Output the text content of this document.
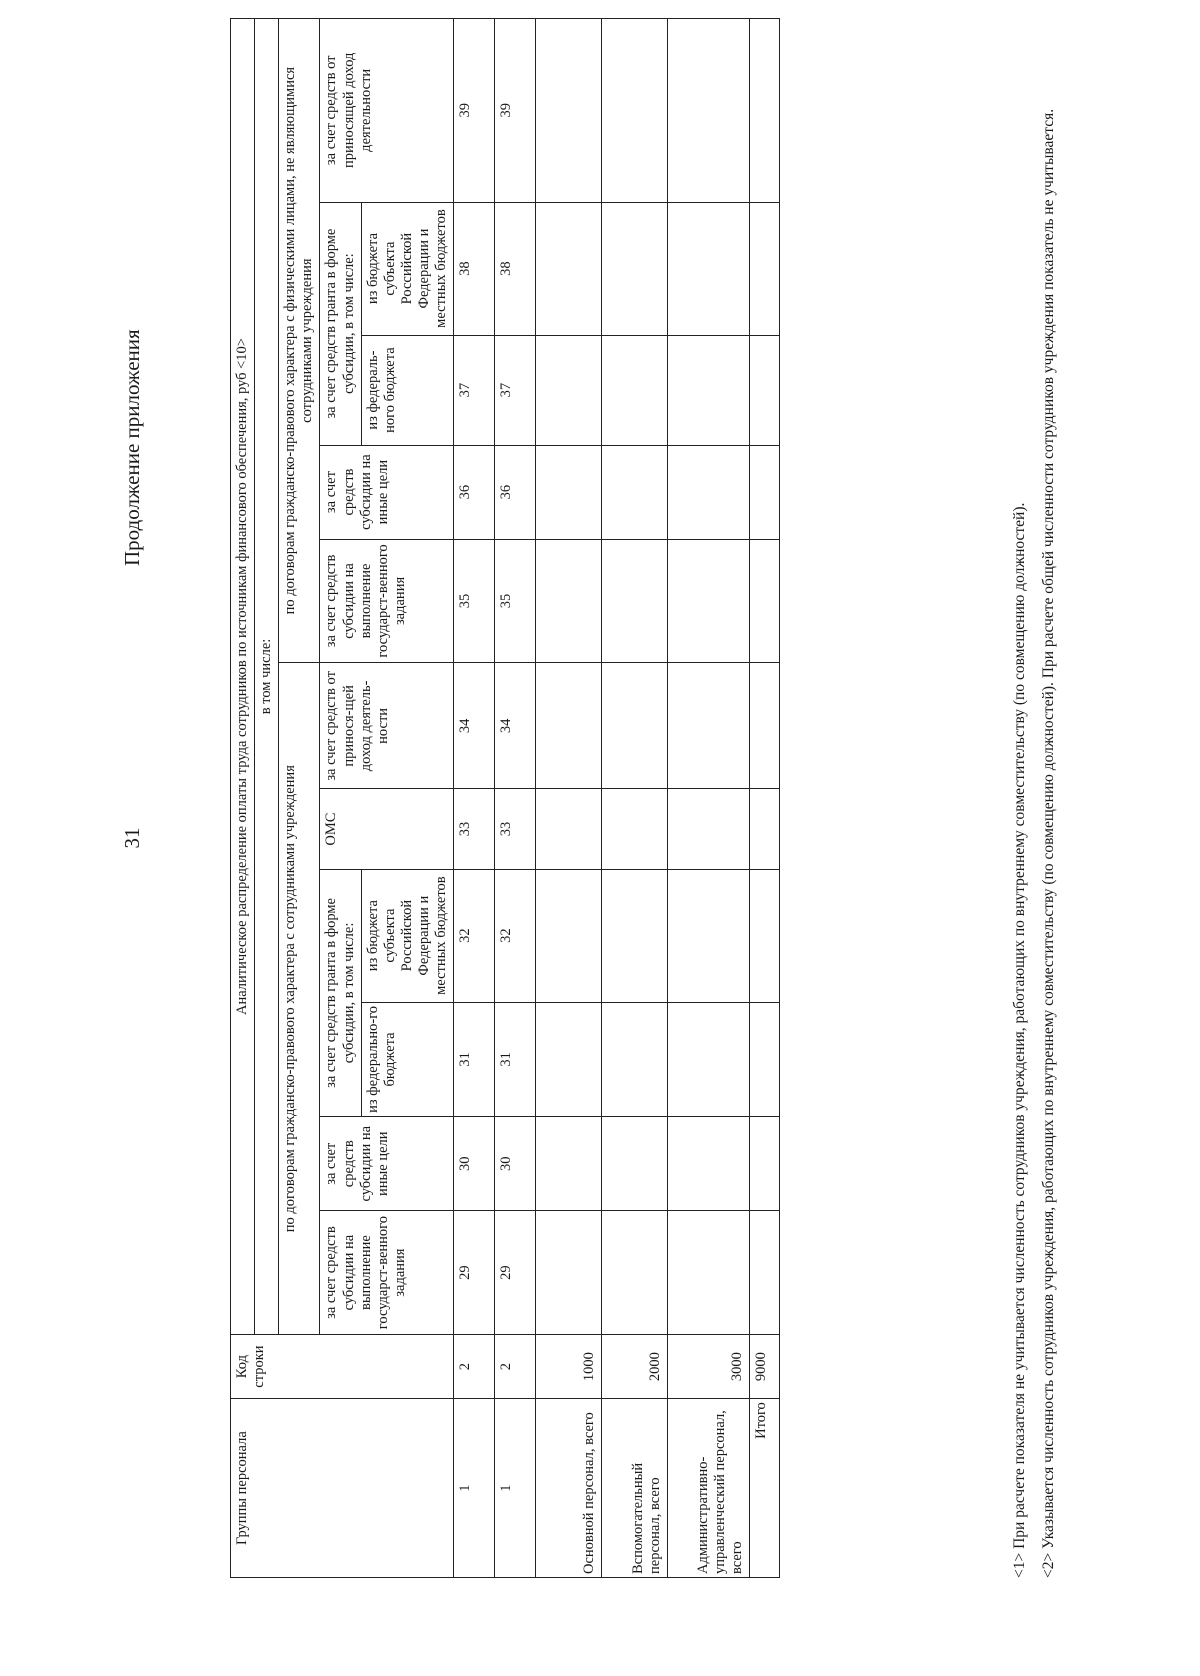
31
Продолжение приложения
Группы персонала	Код строки	Аналитическое распределение оплаты труда сотрудников по источникам финансового обеспечения, руб <10>										
		в том числе:										
		по договорам гражданско-правового характера с сотрудниками учреждения						по договорам гражданско-правового характера с физическими лицами, не являющимися сотрудниками учреждения				
		за счет средств субсидии на выполнение государст-венного задания	за счет средств субсидии на иные цели	за счет средств гранта в форме субсидии, в том числе:		ОМС	за счет средств от принося-щей доход деятель-ности	за счет средств субсидии на выполнение государст-венного задания	за счет средств субсидии на иные цели	за счет средств гранта в форме субсидии, в том числе:		за счет средств от приносящей доход деятельности
				из федерально-го бюджета	из бюджета субъекта Российской Федерации и местных бюджетов					из федераль-ного бюджета	из бюджета субъекта Российской Федерации и местных бюджетов	

1	2	29	30	31	32	33	34	35	36	37	38	39
1	2	29	30	31	32	33	34	35	36	37	38	39
Основной персонал, всего	1000											
Вспомогательный персонал, всего	2000											
Административно-управленческий персонал, всего	3000											
Итого	9000												<1> При расчете показателя не учитывается численность сотрудников учреждения, работающих по внутреннему совместительству (по совмещению должностей). <2> Указывается численность сотрудников учреждения, работающих по внутреннему совместительству (по совмещению должностей). При расчете общей численности сотрудников учреждения показатель не учитывается.
